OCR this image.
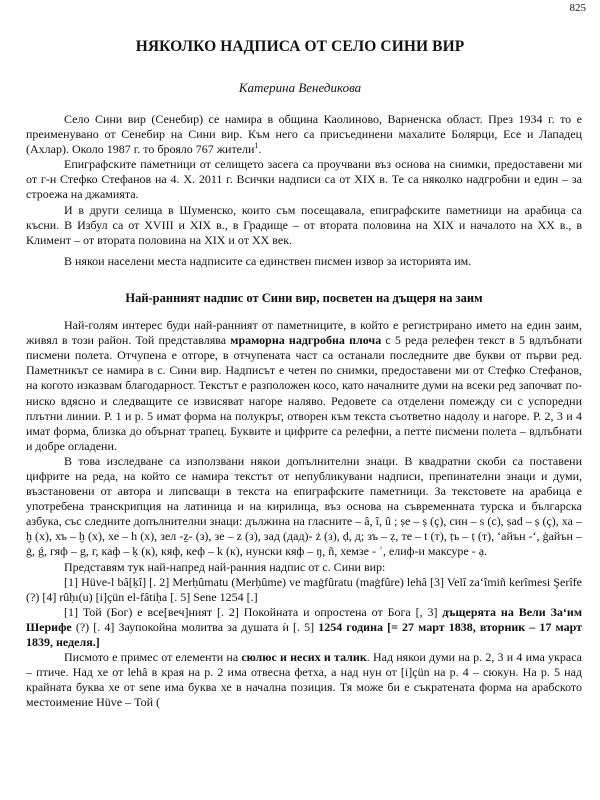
825
НЯКОЛКО НАДПИСА ОТ СЕЛО СИНИ ВИР
Катерина Венедикова

Село Сини вир (Сенебир) се намира в община Каолиново, Варненска област. През 1934 г. то е преименувано от Сенебир на Сини вир. Към него са присъединени махалите Болярци, Есе и Лападец (Ахлар). Около 1987 г. то брояло 767 жители$^1$.

Епиграфските паметници от селището засега са проучвани въз основа на снимки, предоставени ми от г-н Стефко Стефанов на 4. Х. 2011 г. Всички надписи са от XIX в. Те са няколко надгробни и един – за строежа на джамията.

И в други селища в Шуменско, които съм посещавала, епиграфските паметници на арабица са късни. В Избул са от XVIII и XIX в., в Градище – от втората половина на XIX и началото на XX в., в Климент – от втората половина на XIX и от XX век.

В някои населени места надписите са единствен писмен извор за историята им.

Най-ранният надпис от Сини вир, посветен на дъщеря на заим

Най-голям интерес буди най-ранният от паметниците, в който е регистрирано името на един заим, живял в този район. Той представлява мраморна надгробна плоча с 5 реда релефен текст в 5 вдлъбнати писмени полета. Отчупена е отгоре, в отчупената част са останали последните две букви от първи ред. Паметникът се намира в с. Сини вир. Надписът е четен по снимки, предоставени ми от Стефко Стефанов, на когото изказвам благодарност. Текстът е разположен косо, като началните думи на всеки ред започват по-ниско вдясно и следващите се извисяват нагоре наляво. Редовете са отделени помежду си с успоредни плътни линии. Р. 1 и р. 5 имат форма на полукръг, отворен към текста съответно надолу и нагоре. Р. 2, 3 и 4 имат форма, близка до обърнат трапец. Буквите и цифрите са релефни, а петте писмени полета – вдлъбнати и добре огладени.

В това изследване са използвани някои допълнителни знаци. В квадратни скоби са поставени цифрите на реда, на който се намира текстът от непубликувани надписи, препинателни знаци и думи, възстановени от автора и липсващи в текста на епиграфските паметници. За текстовете на арабица е употребена транскрипция на латиница и на кирилица, въз основа на съвременната турска и българска азбука, със следните допълнителни знаци: дължина на гласните – â, î, û ; ṣe – ṣ (ç), син – s (c), ṣad – ṣ (ç), ха – ḫ (х), хъ – ḫ (х), хе – h (х), зел -ẕ- (з), зе – z (з), зад (дад)- ż (з), ḍ, д; зъ – ẓ, те – t (т), ṭъ – ṭ (т), ‘айън -‘, ġайън –ġ, ǵ, гяф – g, г, каф – ḳ (к), кяф, кеф – k (к), нунски кяф – ŋ, ñ, хемзе - ʾ, елиф-и максуре - ạ.

Представям тук най-напред най-ранния надпис от с. Сини вир:

[1] Hüve-l bâ[ḳî] [. 2] Merḥûmatu (Merḥûme) ve maġfûratu (maġfûre) lehâ [3] Velî za‘îmiñ kerîmesi Şerîfe (?) [4] rûḥı(u) [i]çün el-fâtiḥa [. 5] Sene 1254 [.]

[1] Той (Бог) е все[веч]ният [. 2] Покойната и опростена от Бога [, 3] дъщерята на Вели За‘им Шерифе (?) [. 4] Заупокойна молитва за душата ѝ [. 5] 1254 година [= 27 март 1838, вторник – 17 март 1839, неделя.]

Писмото е примес от елементи на сюлюс и несих и талик. Над някои думи на р. 2, 3 и 4 има украса – птиче. Над хе от lehâ в края на р. 2 има отвесна фетха, а над нун от [i]çün на р. 4 – сюкун. На р. 5 над крайната буква хе от sene има буква хе в начална позиция. Тя може би е съкратената форма на арабското местоимение Hüve – Той (
